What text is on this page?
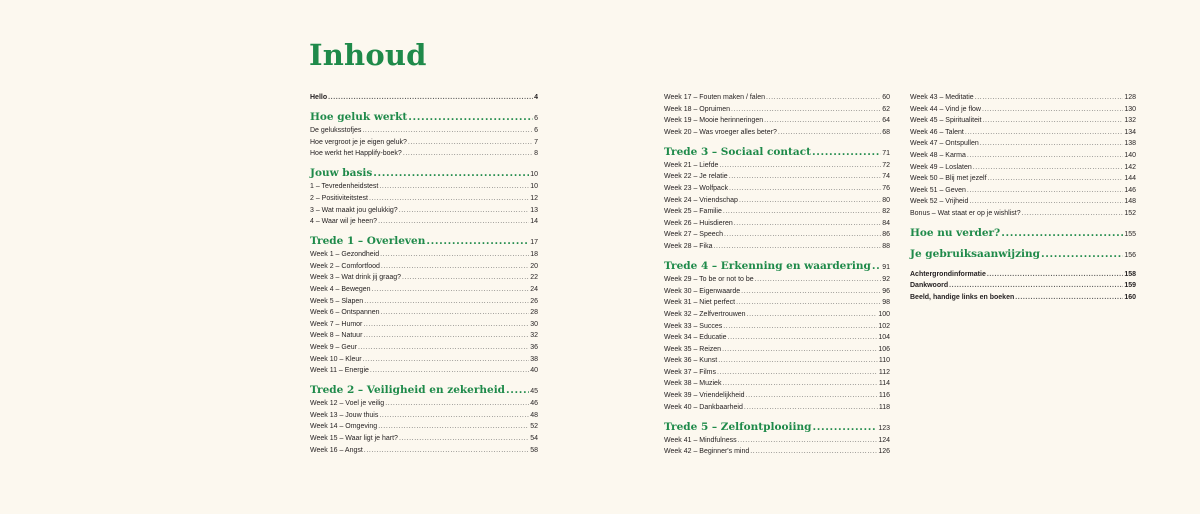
Inhoud
Hello .....	4
Hoe geluk werkt .....	6
De geluksstofjes .....	6
Hoe vergroot je je eigen geluk? .....	7
Hoe werkt het Happlify-boek? .....	8
Jouw basis .....	10
1 – Tevredenheidstest .....	10
2 – Positiviteitstest .....	12
3 – Wat maakt jou gelukkig? .....	13
4 – Waar wil je heen? .....	14
Trede 1 – Overleven .....	17
Week 1 – Gezondheid .....	18
Week 2 – Comfortfood .....	20
Week 3 – Wat drink jij graag? .....	22
Week 4 – Bewegen .....	24
Week 5 – Slapen .....	26
Week 6 – Ontspannen .....	28
Week 7 – Humor .....	30
Week 8 – Natuur .....	32
Week 9 – Geur .....	36
Week 10 – Kleur .....	38
Week 11 – Energie .....	40
Trede 2 – Veiligheid en zekerheid .....	45
Week 12 – Voel je veilig .....	46
Week 13 – Jouw thuis .....	48
Week 14 – Omgeving .....	52
Week 15 – Waar ligt je hart? .....	54
Week 16 – Angst .....	58
Week 17 – Fouten maken / falen .....	60
Week 18 – Opruimen .....	62
Week 19 – Mooie herinneringen .....	64
Week 20 – Was vroeger alles beter? .....	68
Trede 3 – Sociaal contact .....	71
Week 21 – Liefde .....	72
Week 22 – Je relatie .....	74
Week 23 – Wolfpack .....	76
Week 24 – Vriendschap .....	80
Week 25 – Familie .....	82
Week 26 – Huisdieren .....	84
Week 27 – Speech .....	86
Week 28 – Fika .....	88
Trede 4 – Erkenning en waardering ..... 91
Week 29 – To be or not to be .....	92
Week 30 – Eigenwaarde .....	96
Week 31 – Niet perfect .....	98
Week 32 – Zelfvertrouwen .....	100
Week 33 – Succes .....	102
Week 34 – Educatie .....	104
Week 35 – Reizen .....	106
Week 36 – Kunst .....	110
Week 37 – Films .....	112
Week 38 – Muziek .....	114
Week 39 – Vriendelijkheid .....	116
Week 40 – Dankbaarheid .....	118
Trede 5 – Zelfontplooiing .....	123
Week 41 – Mindfulness .....	124
Week 42 – Beginner's mind .....	126
Week 43 – Meditatie .....	128
Week 44 – Vind je flow .....	130
Week 45 – Spiritualiteit .....	132
Week 46 – Talent .....	134
Week 47 – Ontspullen .....	138
Week 48 – Karma .....	140
Week 49 – Loslaten .....	142
Week 50 – Blij met jezelf .....	144
Week 51 – Geven .....	146
Week 52 – Vrijheid .....	148
Bonus – Wat staat er op je wishlist? .....	152
Hoe nu verder? .....	155
Je gebruiksaanwijzing .....	156
Achtergrondinformatie .....	158
Dankwoord .....	159
Beeld, handige links en boeken .....	160
